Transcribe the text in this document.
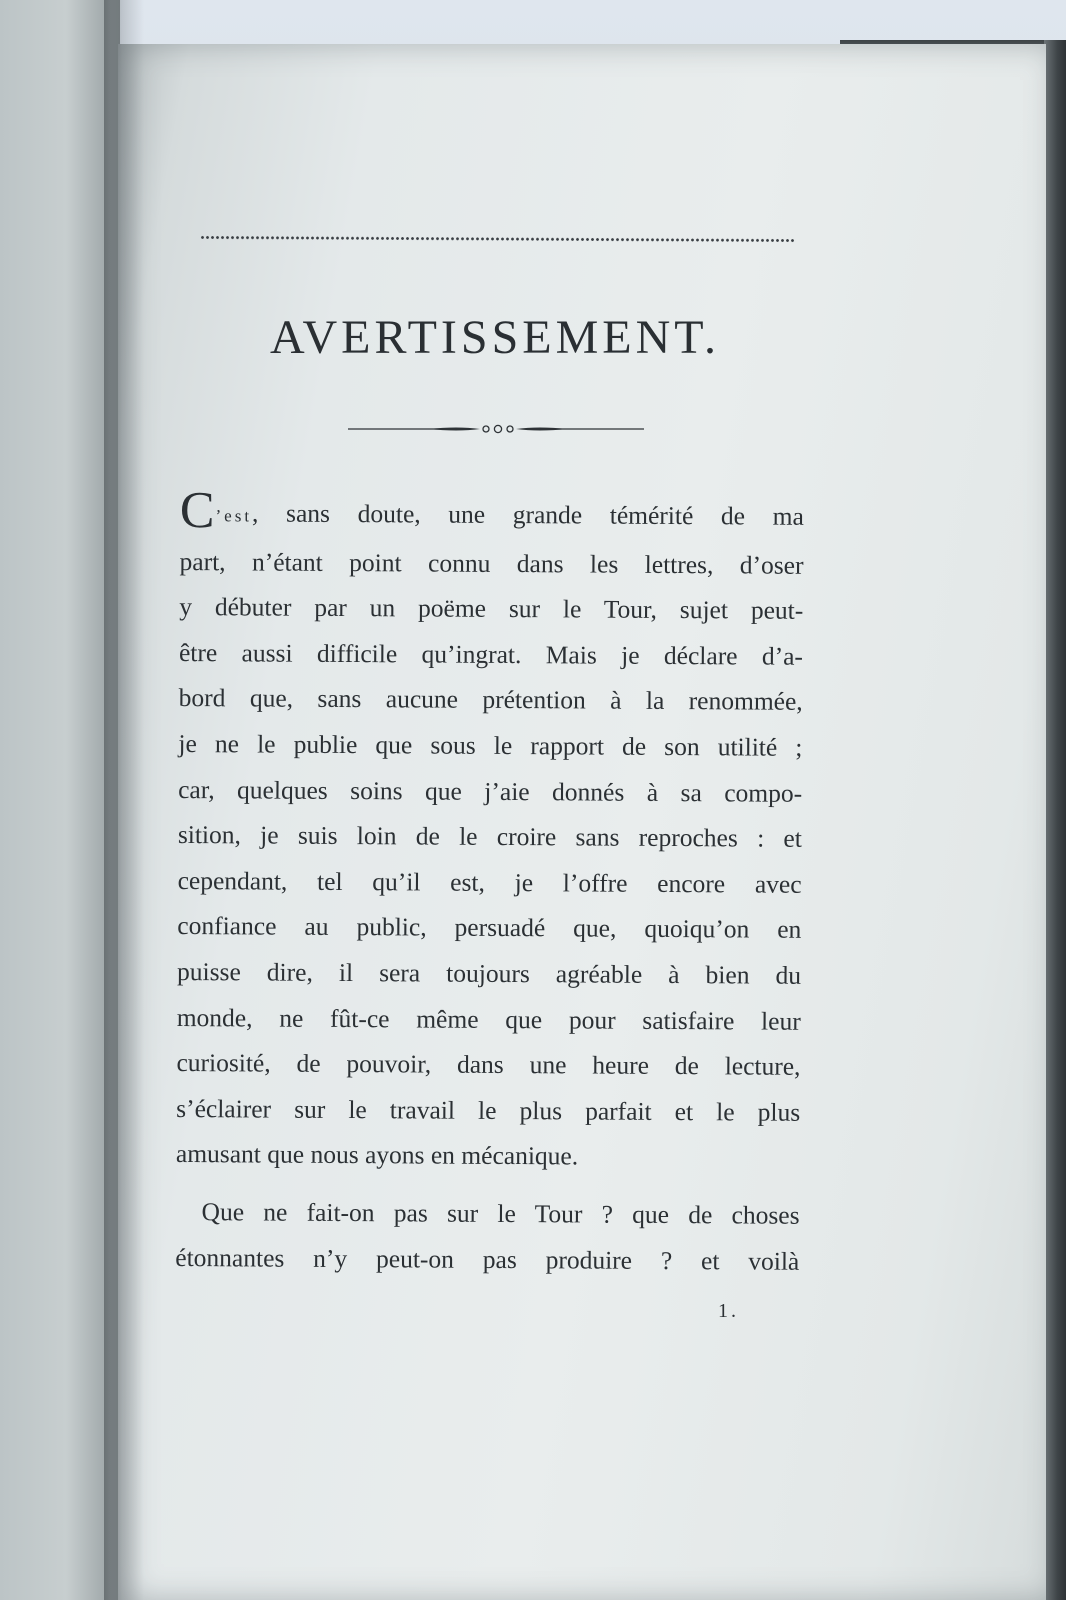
AVERTISSEMENT.
C’est, sans doute, une grande témérité de ma
part, n’étant point connu dans les lettres, d’oser
y débuter par un poëme sur le Tour, sujet peut-
être aussi difficile qu’ingrat. Mais je déclare d’a-
bord que, sans aucune prétention à la renommée,
je ne le publie que sous le rapport de son utilité ;
car, quelques soins que j’aie donnés à sa compo-
sition, je suis loin de le croire sans reproches : et
cependant, tel qu’il est, je l’offre encore avec
confiance au public, persuadé que, quoiqu’on en
puisse dire, il sera toujours agréable à bien du
monde, ne fût-ce même que pour satisfaire leur
curiosité, de pouvoir, dans une heure de lecture,
s’éclairer sur le travail le plus parfait et le plus
amusant que nous ayons en mécanique.
Que ne fait-on pas sur le Tour ? que de choses
étonnantes n’y peut-on pas produire ? et voilà
1.
